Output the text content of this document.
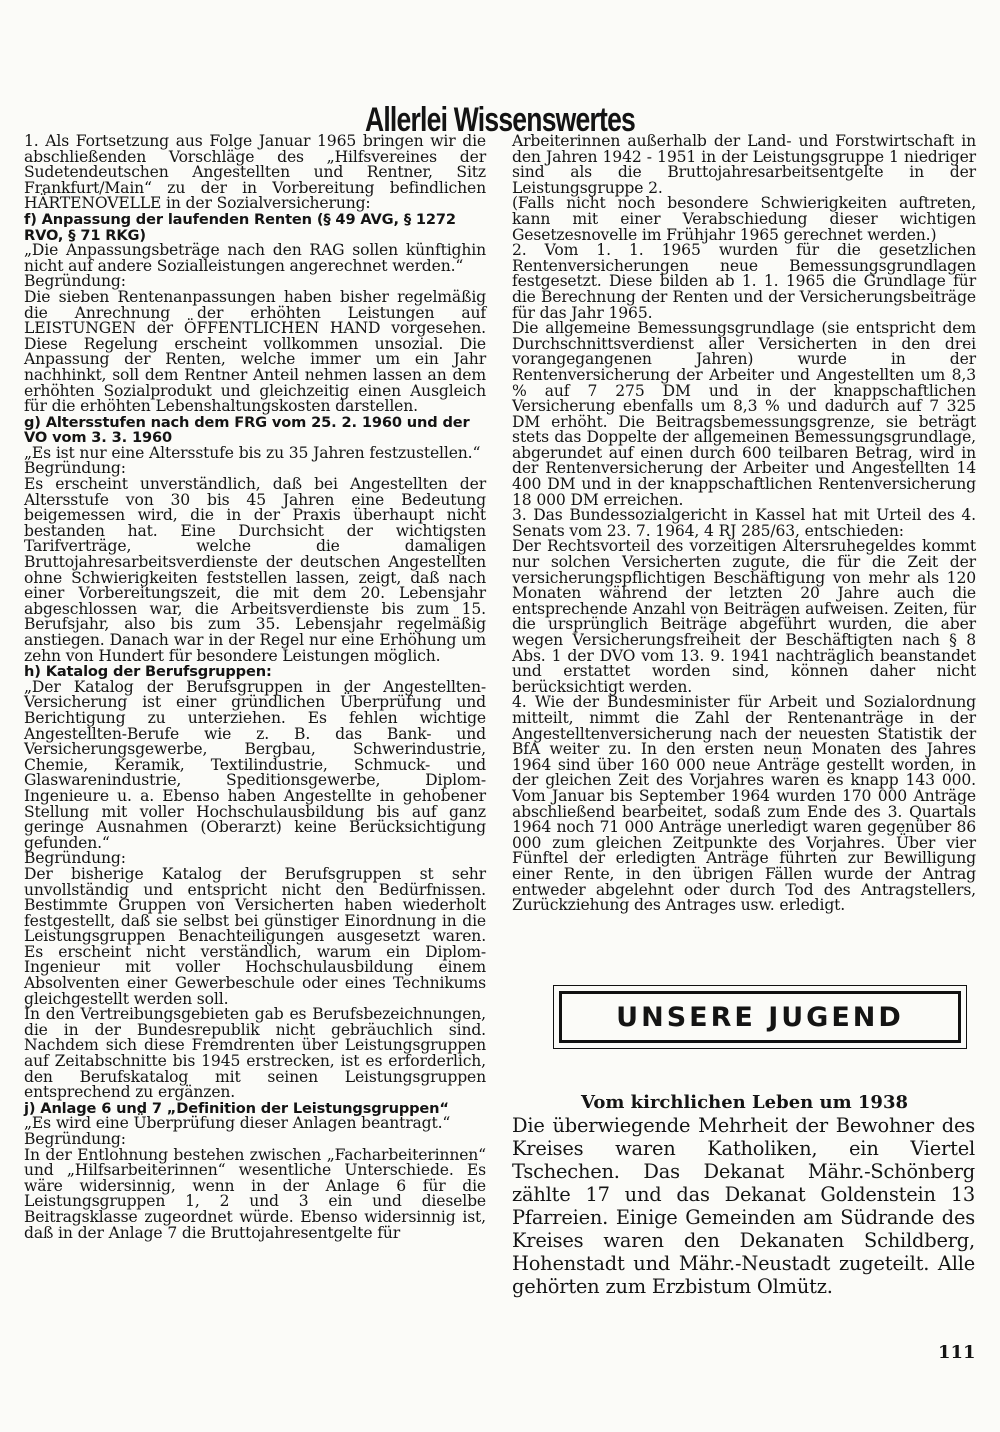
Allerlei Wissenswertes

1. Als Fortsetzung aus Folge Januar 1965 bringen wir die abschließenden Vorschläge des „Hilfsvereines der Sudetendeutschen Angestellten und Rentner, Sitz Frankfurt/Main“ zu der in Vorbereitung befindlichen HÄRTENOVELLE in der Sozialversicherung:

f) Anpassung der laufenden Renten (§ 49 AVG, § 1272 RVO, § 71 RKG)

„Die Anpassungsbeträge nach den RAG sollen künftighin nicht auf andere Sozialleistungen angerechnet werden.“

Begründung:

Die sieben Rentenanpassungen haben bisher regelmäßig die Anrechnung der erhöhten Leistungen auf LEISTUNGEN der ÖFFENTLICHEN HAND vorgesehen. Diese Regelung erscheint vollkommen unsozial. Die Anpassung der Renten, welche immer um ein Jahr nachhinkt, soll dem Rentner Anteil nehmen lassen an dem erhöhten Sozialprodukt und gleichzeitig einen Ausgleich für die erhöhten Lebenshaltungskosten darstellen.

g) Altersstufen nach dem FRG vom 25. 2. 1960 und der VO vom 3. 3. 1960

„Es ist nur eine Altersstufe bis zu 35 Jahren festzustellen.“

Begründung:

Es erscheint unverständlich, daß bei Angestellten der Altersstufe von 30 bis 45 Jahren eine Bedeutung beigemessen wird, die in der Praxis überhaupt nicht bestanden hat. Eine Durchsicht der wichtigsten Tarifverträge, welche die damaligen Bruttojahresarbeitsverdienste der deutschen Angestellten ohne Schwierigkeiten feststellen lassen, zeigt, daß nach einer Vorbereitungszeit, die mit dem 20. Lebensjahr abgeschlossen war, die Arbeitsverdienste bis zum 15. Berufsjahr, also bis zum 35. Lebensjahr regelmäßig anstiegen. Danach war in der Regel nur eine Erhöhung um zehn von Hundert für besondere Leistungen möglich.

h) Katalog der Berufsgruppen:

„Der Katalog der Berufsgruppen in der Angestellten-Versicherung ist einer gründlichen Überprüfung und Berichtigung zu unterziehen. Es fehlen wichtige Angestellten-Berufe wie z. B. das Bank- und Versicherungsgewerbe, Bergbau, Schwerindustrie, Chemie, Keramik, Textilindustrie, Schmuck- und Glaswarenindustrie, Speditionsgewerbe, Diplom-Ingenieure u. a. Ebenso haben Angestellte in gehobener Stellung mit voller Hochschulausbildung bis auf ganz geringe Ausnahmen (Oberarzt) keine Berücksichtigung gefunden.“

Begründung:

Der bisherige Katalog der Berufsgruppen st sehr unvollständig und entspricht nicht den Bedürfnissen. Bestimmte Gruppen von Versicherten haben wiederholt festgestellt, daß sie selbst bei günstiger Einordnung in die Leistungsgruppen Benachteiligungen ausgesetzt waren. Es erscheint nicht verständlich, warum ein Diplom-Ingenieur mit voller Hochschulausbildung einem Absolventen einer Gewerbeschule oder eines Technikums gleichgestellt werden soll.

In den Vertreibungsgebieten gab es Berufsbezeichnungen, die in der Bundesrepublik nicht gebräuchlich sind. Nachdem sich diese Fremdrenten über Leistungsgruppen auf Zeitabschnitte bis 1945 erstrecken, ist es erforderlich, den Berufskatalog mit seinen Leistungsgruppen entsprechend zu ergänzen.

j) Anlage 6 und 7 „Definition der Leistungsgruppen“

„Es wird eine Überprüfung dieser Anlagen beantragt.“

Begründung:

In der Entlohnung bestehen zwischen „Facharbeiterinnen“ und „Hilfsarbeiterinnen“ wesentliche Unterschiede. Es wäre widersinnig, wenn in der Anlage 6 für die Leistungsgruppen 1, 2 und 3 ein und dieselbe Beitragsklasse zugeordnet würde. Ebenso widersinnig ist, daß in der Anlage 7 die Bruttojahresentgelte für

Arbeiterinnen außerhalb der Land- und Forstwirtschaft in den Jahren 1942 - 1951 in der Leistungsgruppe 1 niedriger sind als die Bruttojahresarbeitsentgelte in der Leistungsgruppe 2.

(Falls nicht noch besondere Schwierigkeiten auftreten, kann mit einer Verabschiedung dieser wichtigen Gesetzesnovelle im Frühjahr 1965 gerechnet werden.)

2. Vom 1. 1. 1965 wurden für die gesetzlichen Rentenversicherungen neue Bemessungsgrundlagen festgesetzt. Diese bilden ab 1. 1. 1965 die Grundlage für die Berechnung der Renten und der Versicherungsbeiträge für das Jahr 1965.

Die allgemeine Bemessungsgrundlage (sie entspricht dem Durchschnittsverdienst aller Versicherten in den drei vorangegangenen Jahren) wurde in der Rentenversicherung der Arbeiter und Angestellten um 8,3 % auf 7 275 DM und in der knappschaftlichen Versicherung ebenfalls um 8,3 % und dadurch auf 7 325 DM erhöht. Die Beitragsbemessungsgrenze, sie beträgt stets das Doppelte der allgemeinen Bemessungsgrundlage, abgerundet auf einen durch 600 teilbaren Betrag, wird in der Rentenversicherung der Arbeiter und Angestellten 14 400 DM und in der knappschaftlichen Rentenversicherung 18 000 DM erreichen.

3. Das Bundessozialgericht in Kassel hat mit Urteil des 4. Senats vom 23. 7. 1964, 4 RJ 285/63, entschieden:

Der Rechtsvorteil des vorzeitigen Altersruhegeldes kommt nur solchen Versicherten zugute, die für die Zeit der versicherungspflichtigen Beschäftigung von mehr als 120 Monaten während der letzten 20 Jahre auch die entsprechende Anzahl von Beiträgen aufweisen. Zeiten, für die ursprünglich Beiträge abgeführt wurden, die aber wegen Versicherungsfreiheit der Beschäftigten nach § 8 Abs. 1 der DVO vom 13. 9. 1941 nachträglich beanstandet und erstattet worden sind, können daher nicht berücksichtigt werden.

4. Wie der Bundesminister für Arbeit und Sozialordnung mitteilt, nimmt die Zahl der Rentenanträge in der Angestelltenversicherung nach der neuesten Statistik der BfA weiter zu. In den ersten neun Monaten des Jahres 1964 sind über 160 000 neue Anträge gestellt worden, in der gleichen Zeit des Vorjahres waren es knapp 143 000. Vom Januar bis September 1964 wurden 170 000 Anträge abschließend bearbeitet, sodaß zum Ende des 3. Quartals 1964 noch 71 000 Anträge unerledigt waren gegenüber 86 000 zum gleichen Zeitpunkte des Vorjahres. Über vier Fünftel der erledigten Anträge führten zur Bewilligung einer Rente, in den übrigen Fällen wurde der Antrag entweder abgelehnt oder durch Tod des Antragstellers, Zurückziehung des Antrages usw. erledigt.

UNSERE JUGEND
Vom kirchlichen Leben um 1938

Die überwiegende Mehrheit der Bewohner des Kreises waren Katholiken, ein Viertel Tschechen. Das Dekanat Mähr.-Schönberg zählte 17 und das Dekanat Goldenstein 13 Pfarreien. Einige Gemeinden am Südrande des Kreises waren den Dekanaten Schildberg, Hohenstadt und Mähr.-Neustadt zugeteilt. Alle gehörten zum Erzbistum Olmütz.

111
